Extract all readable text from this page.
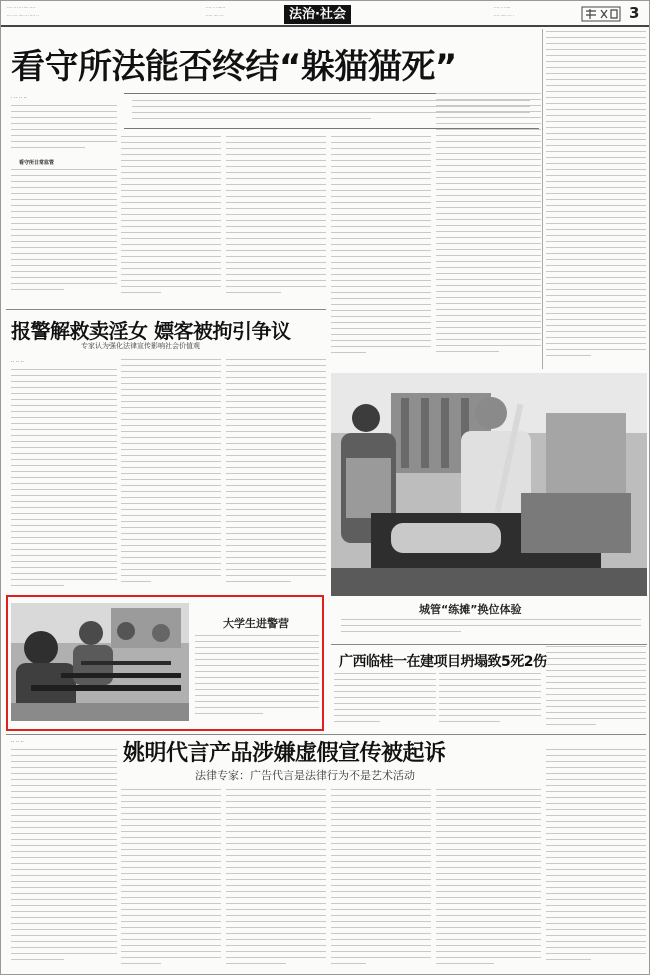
···· ·· ··· ····· ····
··· ···· ····· ·· ···· ··
···· ·· ·······
····· ···· ···	法治·社会	···· ·· ·····
···· ····· ··· ·	3
看守所法能否终结“躲猫猫死”
· ·· ·· ··
看守所日常监管
报警解救卖淫女 嫖客被拘引争议
专家认为强化法律宣传影响社会价值观
·· ·· ··
城管“练摊”换位体验
广西临桂一在建项目坍塌致5死2伤
大学生进警营
·· ·· ··	姚明代言产品涉嫌虚假宣传被起诉
法律专家：广告代言是法律行为不是艺术活动
